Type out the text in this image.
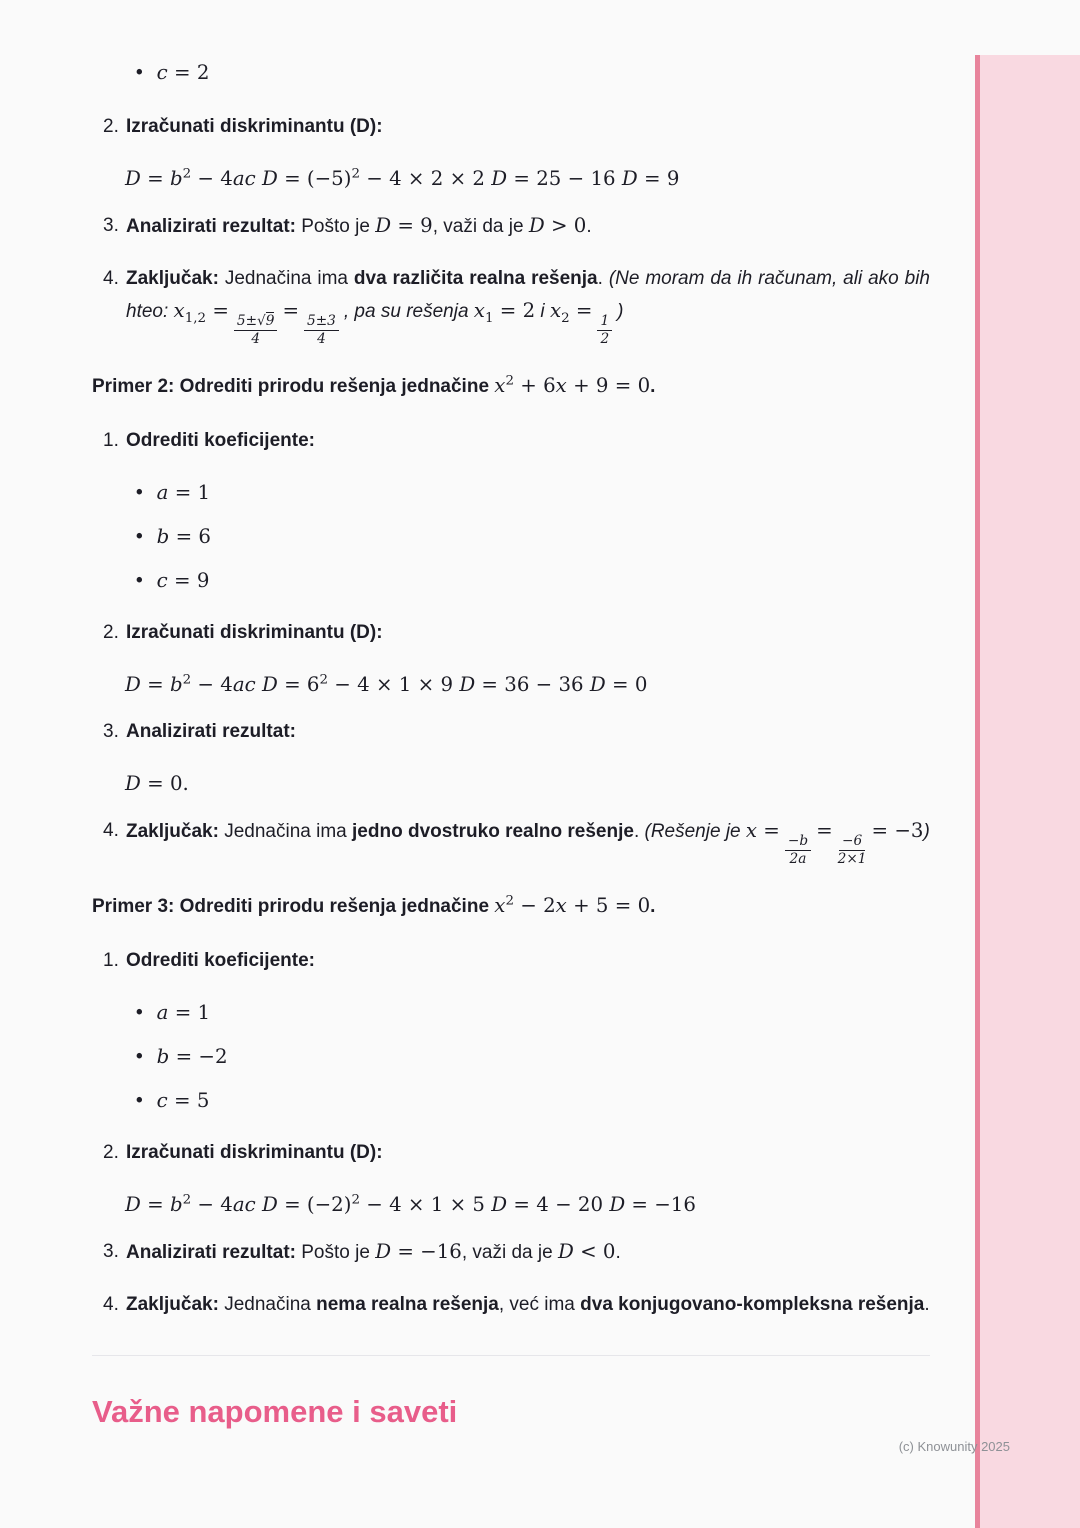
• c = 2
2. Izračunati diskriminantu (D):
$D = b^2 - 4ac$ $D = (-5)^2 - 4 \times 2 \times 2$ D = 25 − 16 D = 9
3. Analizirati rezultat: Pošto je D = 9, važi da je D > 0.
4. Zaključak: Jednačina ima dva različita realna rešenja. (Ne moram da ih računam, ali ako bih hteo: $x_{1,2}$ =
$\frac{5\pm√9}{4}$
=
$\frac{5\pm 3}{4}$
, pa su rešenja $x_1 = 2$ i $x_2$ =
$\frac{1}{2}$
)

Primer 2: Odrediti prirodu rešenja jednačine $x^2 + 6x + 9 = 0$.

1. Odrediti koeficijente:
• a = 1
• b = 6
• c = 9
2. Izračunati diskriminantu (D):
$D = b^2 - 4ac$ $D = 6^2 - 4 \times 1 \times 9$ D = 36 − 36 D = 0
3. Analizirati rezultat:
D = 0.
4. Zaključak: Jednačina ima jedno dvostruko realno rešenje. (Rešenje je x =
$\frac{-b}{2a}$
=
$\frac{-6}{2\times 1}$
= −3)

Primer 3: Odrediti prirodu rešenja jednačine $x^2 - 2x + 5 = 0$.

1. Odrediti koeficijente:
• a = 1
• b = −2
• c = 5
2. Izračunati diskriminantu (D):
$D = b^2 - 4ac$ $D = (-2)^2 - 4 \times 1 \times 5$ D = 4 − 20 D = −16
3. Analizirati rezultat: Pošto je D = −16, važi da je D < 0.
4. Zaključak: Jednačina nema realna rešenja, već ima dva konjugovano-kompleksna rešenja.
Važne napomene i saveti
(c) Knowunity 2025
